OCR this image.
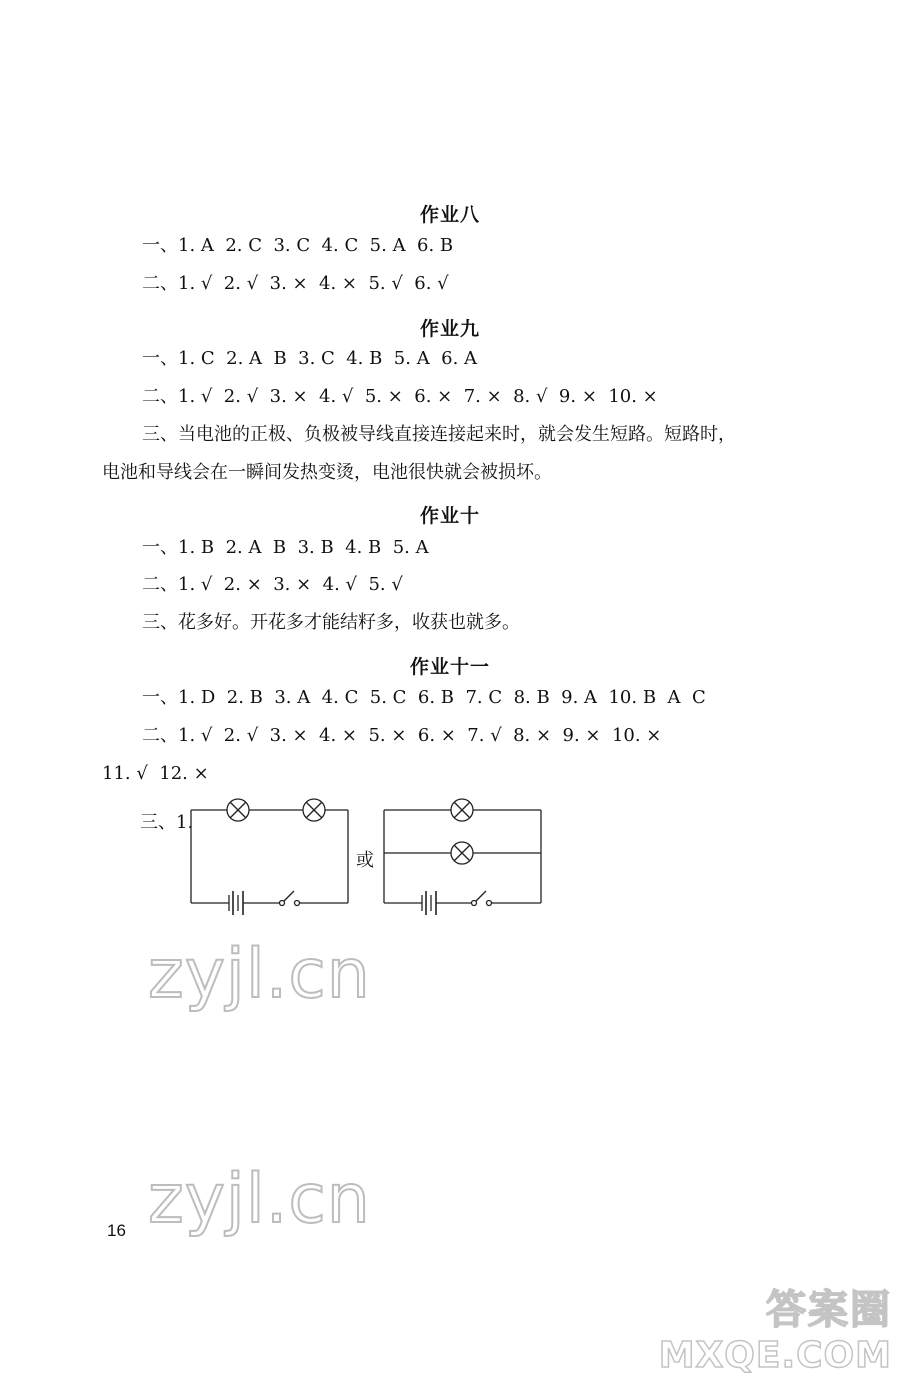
作业八
一、1. A  2. C  3. C  4. C  5. A  6. B
二、1. √  2. √  3. ×  4. ×  5. √  6. √
作业九
一、1. C  2. A  B  3. C  4. B  5. A  6. A
二、1. √  2. √  3. ×  4. √  5. ×  6. ×  7. ×  8. √  9. ×  10. ×
三、当电池的正极、负极被导线直接连接起来时，就会发生短路。短路时，
电池和导线会在一瞬间发热变烫，电池很快就会被损坏。
作业十
一、1. B  2. A  B  3. B  4. B  5. A
二、1. √  2. ×  3. ×  4. √  5. √
三、花多好。开花多才能结籽多，收获也就多。
作业十一
一、1. D  2. B  3. A  4. C  5. C  6. B  7. C  8. B  9. A  10. B  A  C
二、1. √  2. √  3. ×  4. ×  5. ×  6. ×  7. √  8. ×  9. ×  10. ×
11. √  12. ×
三、1.
或
zyjl.cn
zyjl.cn
16
答案圈
MXQE.COM
